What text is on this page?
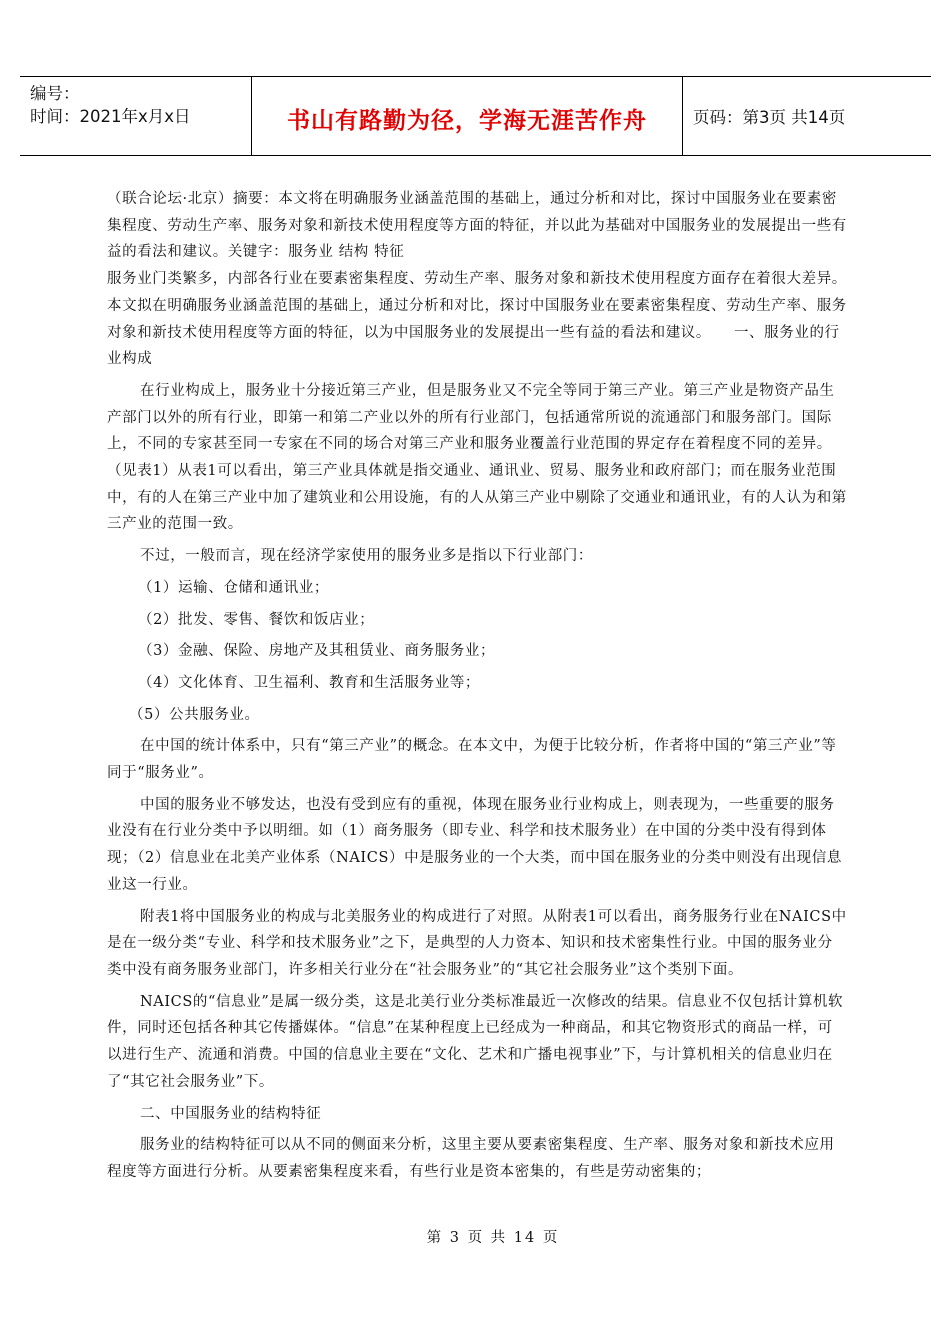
编号：
时间：2021年x月x日	书山有路勤为径，学海无涯苦作舟	页码：第3页 共14页

（联合论坛·北京）摘要：本文将在明确服务业涵盖范围的基础上，通过分析和对比，探讨中国服务业在要素密集程度、劳动生产率、服务对象和新技术使用程度等方面的特征，并以此为基础对中国服务业的发展提出一些有益的看法和建议。关键字：服务业 结构 特征

服务业门类繁多，内部各行业在要素密集程度、劳动生产率、服务对象和新技术使用程度方面存在着很大差异。本文拟在明确服务业涵盖范围的基础上，通过分析和对比，探讨中国服务业在要素密集程度、劳动生产率、服务对象和新技术使用程度等方面的特征，以为中国服务业的发展提出一些有益的看法和建议。　　一、服务业的行业构成

在行业构成上，服务业十分接近第三产业，但是服务业又不完全等同于第三产业。第三产业是物资产品生产部门以外的所有行业，即第一和第二产业以外的所有行业部门，包括通常所说的流通部门和服务部门。国际上，不同的专家甚至同一专家在不同的场合对第三产业和服务业覆盖行业范围的界定存在着程度不同的差异。（见表1）从表1可以看出，第三产业具体就是指交通业、通讯业、贸易、服务业和政府部门；而在服务业范围中，有的人在第三产业中加了建筑业和公用设施，有的人从第三产业中剔除了交通业和通讯业，有的人认为和第三产业的范围一致。

不过，一般而言，现在经济学家使用的服务业多是指以下行业部门：

（1）运输、仓储和通讯业；

（2）批发、零售、餐饮和饭店业；

（3）金融、保险、房地产及其租赁业、商务服务业；

（4）文化体育、卫生福利、教育和生活服务业等；

（5）公共服务业。

在中国的统计体系中，只有“第三产业”的概念。在本文中，为便于比较分析，作者将中国的“第三产业”等同于“服务业”。

中国的服务业不够发达，也没有受到应有的重视，体现在服务业行业构成上，则表现为，一些重要的服务业没有在行业分类中予以明细。如（1）商务服务（即专业、科学和技术服务业）在中国的分类中没有得到体现；（2）信息业在北美产业体系（NAICS）中是服务业的一个大类，而中国在服务业的分类中则没有出现信息业这一行业。

附表1将中国服务业的构成与北美服务业的构成进行了对照。从附表1可以看出，商务服务行业在NAICS中是在一级分类“专业、科学和技术服务业”之下，是典型的人力资本、知识和技术密集性行业。中国的服务业分类中没有商务服务业部门，许多相关行业分在“社会服务业”的“其它社会服务业”这个类别下面。

NAICS的“信息业”是属一级分类，这是北美行业分类标准最近一次修改的结果。信息业不仅包括计算机软件，同时还包括各种其它传播媒体。“信息”在某种程度上已经成为一种商品，和其它物资形式的商品一样，可以进行生产、流通和消费。中国的信息业主要在“文化、艺术和广播电视事业”下，与计算机相关的信息业归在了“其它社会服务业”下。

二、中国服务业的结构特征

服务业的结构特征可以从不同的侧面来分析，这里主要从要素密集程度、生产率、服务对象和新技术应用程度等方面进行分析。从要素密集程度来看，有些行业是资本密集的，有些是劳动密集的；

第 3 页 共 14 页
